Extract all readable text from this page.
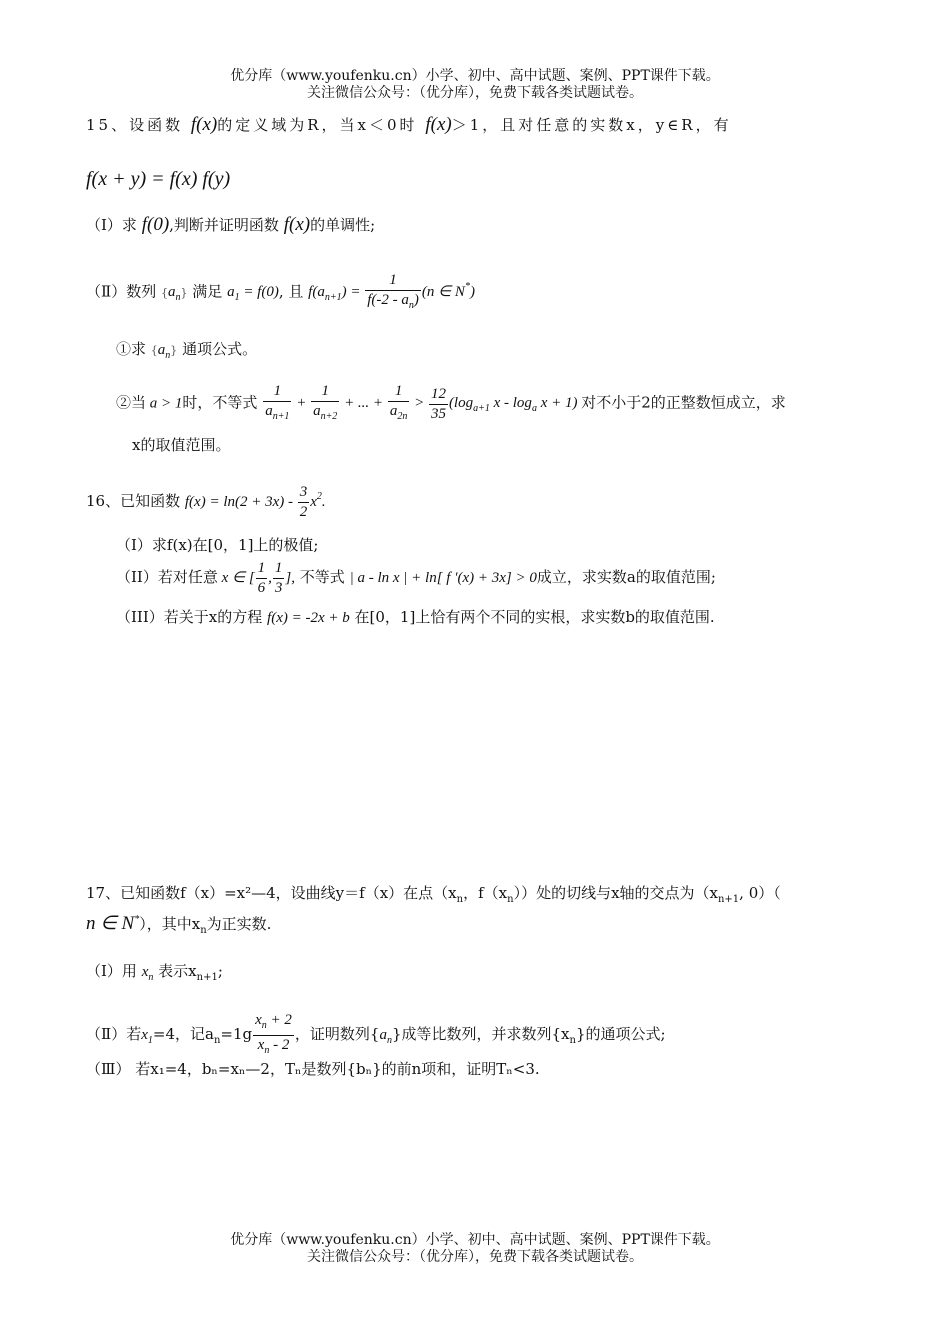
优分库（www.youfenku.cn）小学、初中、高中试题、案例、PPT课件下载。
关注微信公众号：（优分库），免费下载各类试题试卷。
15、设函数 f(x)的定义域为R，当x＜0时 f(x)＞1，且对任意的实数x，y∈R，有
f(x + y) = f(x) f(y)
（Ⅰ）求 f(0),判断并证明函数 f(x)的单调性;
（Ⅱ）数列 $\{a_n\}$ 满足 $a_1 = f(0)$, 且 $f(a_{n+1}) = \frac{1}{f(-2 - a_n)} (n$ ∈ N*)
①求 $\{a_n\}$ 通项公式。
②当 a > 1时，不等式 $\frac{1}{a_{n+1}} + \frac{1}{a_{n+2}}$ + ... + $\frac{1}{a_{2n}} > \frac{12}{35} (\log_{a+1}$ $x - \log_a x + 1$) 对不小于2的正整数恒成立，求
x的取值范围。
16、已知函数 $f(x) = \ln(2 + 3x) - \frac{3}{2} x^2$.
（I）求f(x)在[0，1]上的极值;
（II）若对任意 x ∈ [ $\frac{1}{6}$ , $\frac{1}{3}$ ], 不等式 | a - ln x | + ln[ f ′(x) + 3x] > 0成立，求实数a的取值范围;
（III）若关于x的方程 f(x) = -2x + b 在[0，1]上恰有两个不同的实根，求实数b的取值范围.
17、已知函数f（x）=x²—4，设曲线y＝f（x）在点（$x_n$，$f(x_n)$）处的切线与x轴的交点为（$x_{n+1}$, 0）（
n ∈ N*），其中$x_n$为正实数.
（Ⅰ）用 $x_n$ 表示$x_{n+1}$;
（Ⅱ）若$x_1=4$，记$a_n=1g \frac{x_n + 2}{x_n - 2}$ ，证明数列$\{a_n\}$成等比数列，并求数列$\{x_n\}$的通项公式;
（Ⅲ） 若x₁=4，bₙ=xₙ—2，Tₙ是数列{bₙ}的前n项和，证明Tₙ<3.
优分库（www.youfenku.cn）小学、初中、高中试题、案例、PPT课件下载。
关注微信公众号：（优分库），免费下载各类试题试卷。
